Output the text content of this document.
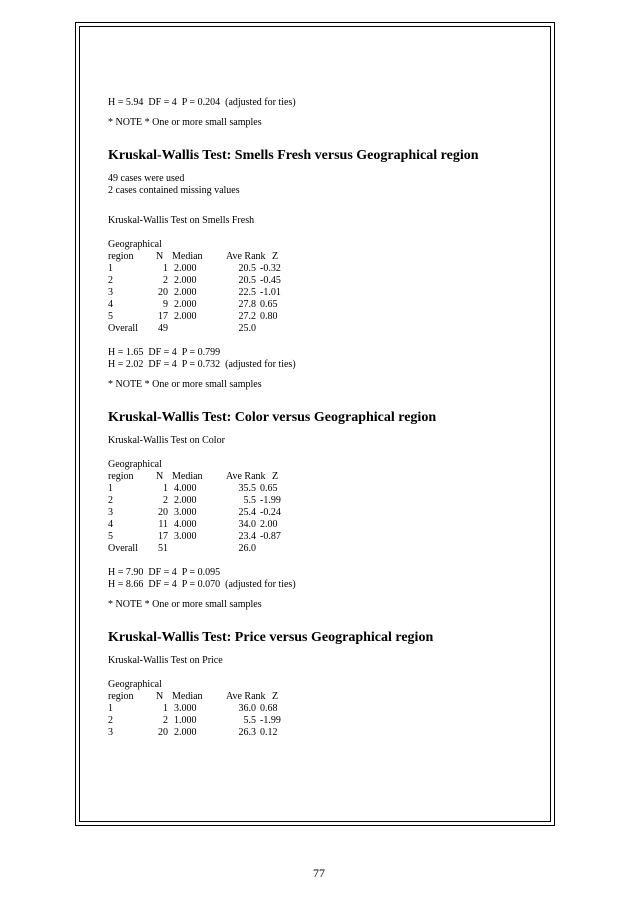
H = 5.94  DF = 4  P = 0.204  (adjusted for ties)
* NOTE * One or more small samples
Kruskal-Wallis Test: Smells Fresh versus Geographical region
49 cases were used
2 cases contained missing values
Kruskal-Wallis Test on Smells Fresh
Geographical
region N Median Ave Rank Z
1	1 2.000	20.5 -0.32
2	2 2.000	20.5 -0.45
3	20 2.000	22.5 -1.01
4	9 2.000	27.8 0.65
5	17 2.000	27.2 0.80
Overall	49	25.0
H = 1.65  DF = 4  P = 0.799
H = 2.02  DF = 4  P = 0.732  (adjusted for ties)
* NOTE * One or more small samples
Kruskal-Wallis Test: Color versus Geographical region
Kruskal-Wallis Test on Color
Geographical
region N Median Ave Rank Z
1	1 4.000	35.5 0.65
2	2 2.000	5.5 -1.99
3	20 3.000	25.4 -0.24
4	11 4.000	34.0 2.00
5	17 3.000	23.4 -0.87
Overall	51	26.0
H = 7.90  DF = 4  P = 0.095
H = 8.66  DF = 4  P = 0.070  (adjusted for ties)
* NOTE * One or more small samples
Kruskal-Wallis Test: Price versus Geographical region
Kruskal-Wallis Test on Price
Geographical
region N Median Ave Rank Z
1	1 3.000	36.0 0.68
2	2 1.000	5.5 -1.99
3	20 2.000	26.3 0.12
77
